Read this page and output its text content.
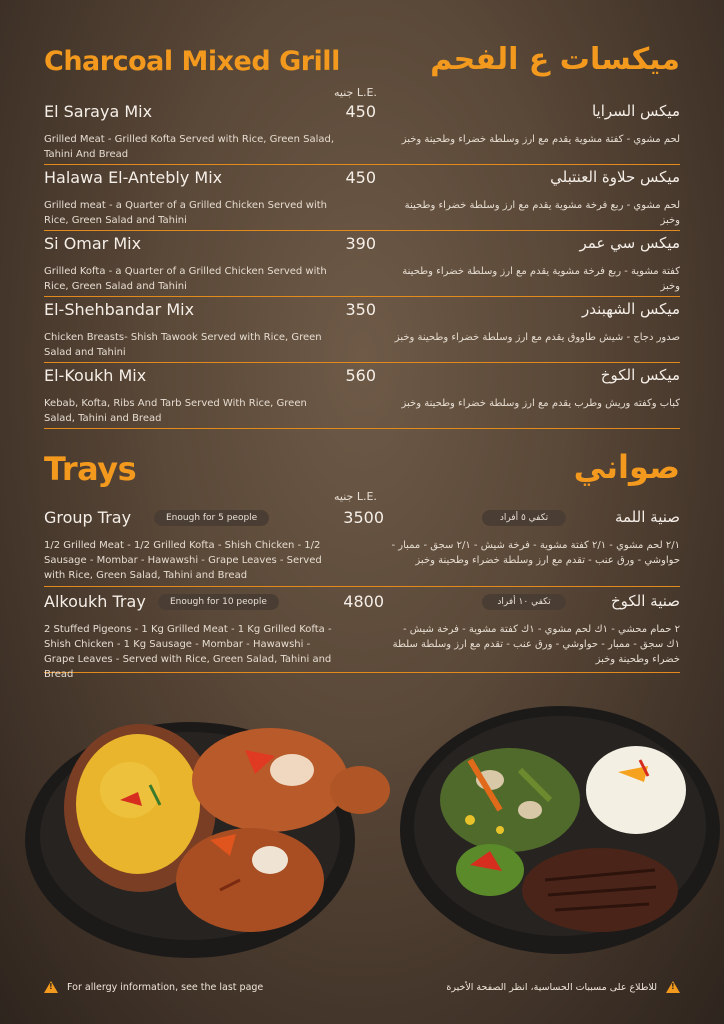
Charcoal Mixed Grill	ميكسات ع الفحم
جنيه L.E.
El Saraya Mix	450	ميكس السرايا
Grilled Meat - Grilled Kofta Served with Rice, Green Salad, Tahini And Bread
لحم مشوي - كفتة مشوية يقدم مع ارز وسلطة خضراء وطحينة وخبز
Halawa El-Antebly Mix	450	ميكس حلاوة العنتبلي
Grilled meat - a Quarter of a Grilled Chicken Served with Rice, Green Salad and Tahini
لحم مشوي - ربع فرخة مشوية يقدم مع ارز وسلطة خضراء وطحينة وخبز
Si Omar Mix	390	ميكس سي عمر
Grilled Kofta - a Quarter of a Grilled Chicken Served with Rice, Green Salad and Tahini
كفتة مشوية - ربع فرخة مشوية يقدم مع ارز وسلطة خضراء وطحينة وخبز
El-Shehbandar Mix	350	ميكس الشهبندر
Chicken Breasts- Shish Tawook Served with Rice, Green Salad and Tahini
صدور دجاج - شيش طاووق يقدم مع ارز وسلطة خضراء وطحينة وخبز
El-Koukh Mix	560	ميكس الكوخ
Kebab, Kofta, Ribs And Tarb Served With Rice, Green Salad, Tahini and Bread
كباب وكفته وريش وطرب يقدم مع ارز وسلطة خضراء وطحينة وخبز
Trays	صواني
جنيه L.E.
Group Tray	Enough for 5 people	3500	تكفي ٥ أفراد	صنية اللمة
1/2 Grilled Meat - 1/2 Grilled Kofta - Shish Chicken - 1/2 Sausage - Mombar - Hawawshi - Grape Leaves - Served with Rice, Green Salad, Tahini and Bread
٢/١ لحم مشوي - ٢/١ كفتة مشوية - فرخة شيش - ٢/١ سجق - ممبار - حواوشي - ورق عنب - تقدم مع ارز وسلطة خضراء وطحينة وخبز
Alkoukh Tray	Enough for 10 people	4800	تكفي ١٠ أفراد	صنية الكوخ
2 Stuffed Pigeons - 1 Kg Grilled Meat - 1 Kg Grilled Kofta - Shish Chicken - 1 Kg Sausage - Mombar - Hawawshi - Grape Leaves - Served with Rice, Green Salad, Tahini and Bread
٢ حمام محشي - ١ك لحم مشوي - ١ك كفتة مشوية - فرخة شيش - ١ك سجق - ممبار - حواوشي - ورق عنب - تقدم مع ارز وسلطة سلطة خضراء وطحينة وخبز
! For allergy information, see the last page
!	للاطلاع على مسببات الحساسية، انظر الصفحة الأخيرة
